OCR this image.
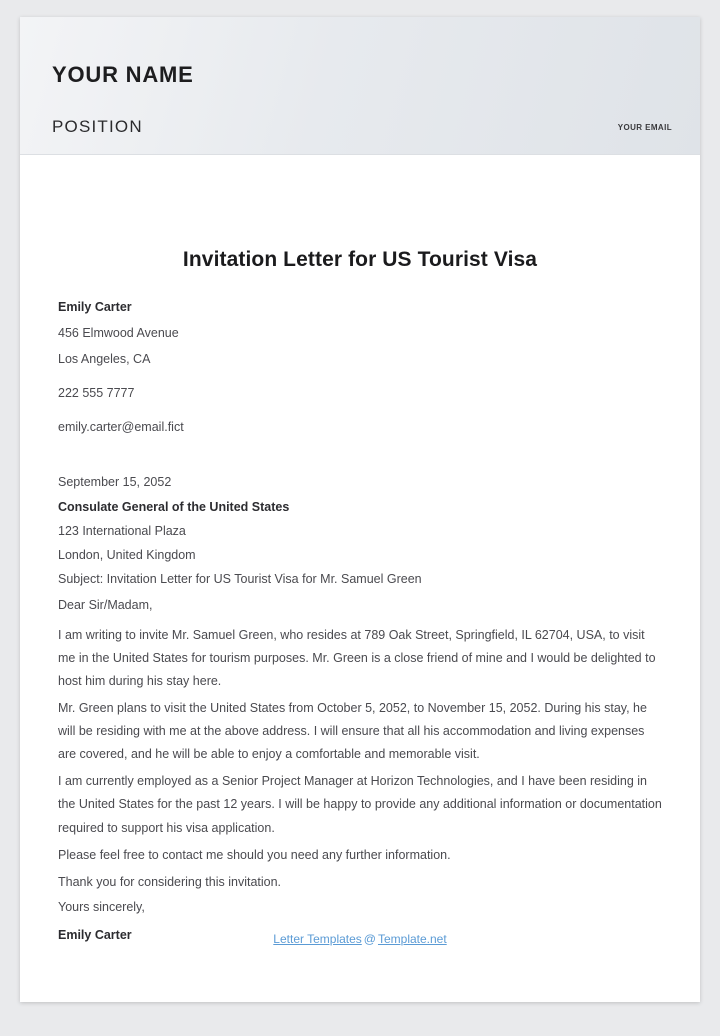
YOUR NAME
POSITION	YOUR EMAIL
Invitation Letter for US Tourist Visa
Emily Carter
456 Elmwood Avenue
Los Angeles, CA
222 555 7777
emily.carter@email.fict
September 15, 2052
Consulate General of the United States
123 International Plaza
London, United Kingdom
Subject: Invitation Letter for US Tourist Visa for Mr. Samuel Green
Dear Sir/Madam,
I am writing to invite Mr. Samuel Green, who resides at 789 Oak Street, Springfield, IL 62704, USA, to visit me in the United States for tourism purposes. Mr. Green is a close friend of mine and I would be delighted to host him during his stay here.
Mr. Green plans to visit the United States from October 5, 2052, to November 15, 2052. During his stay, he will be residing with me at the above address. I will ensure that all his accommodation and living expenses are covered, and he will be able to enjoy a comfortable and memorable visit.
I am currently employed as a Senior Project Manager at Horizon Technologies, and I have been residing in the United States for the past 12 years. I will be happy to provide any additional information or documentation required to support his visa application.
Please feel free to contact me should you need any further information.
Thank you for considering this invitation.
Yours sincerely,
Emily Carter	Letter Templates @ Template.net
